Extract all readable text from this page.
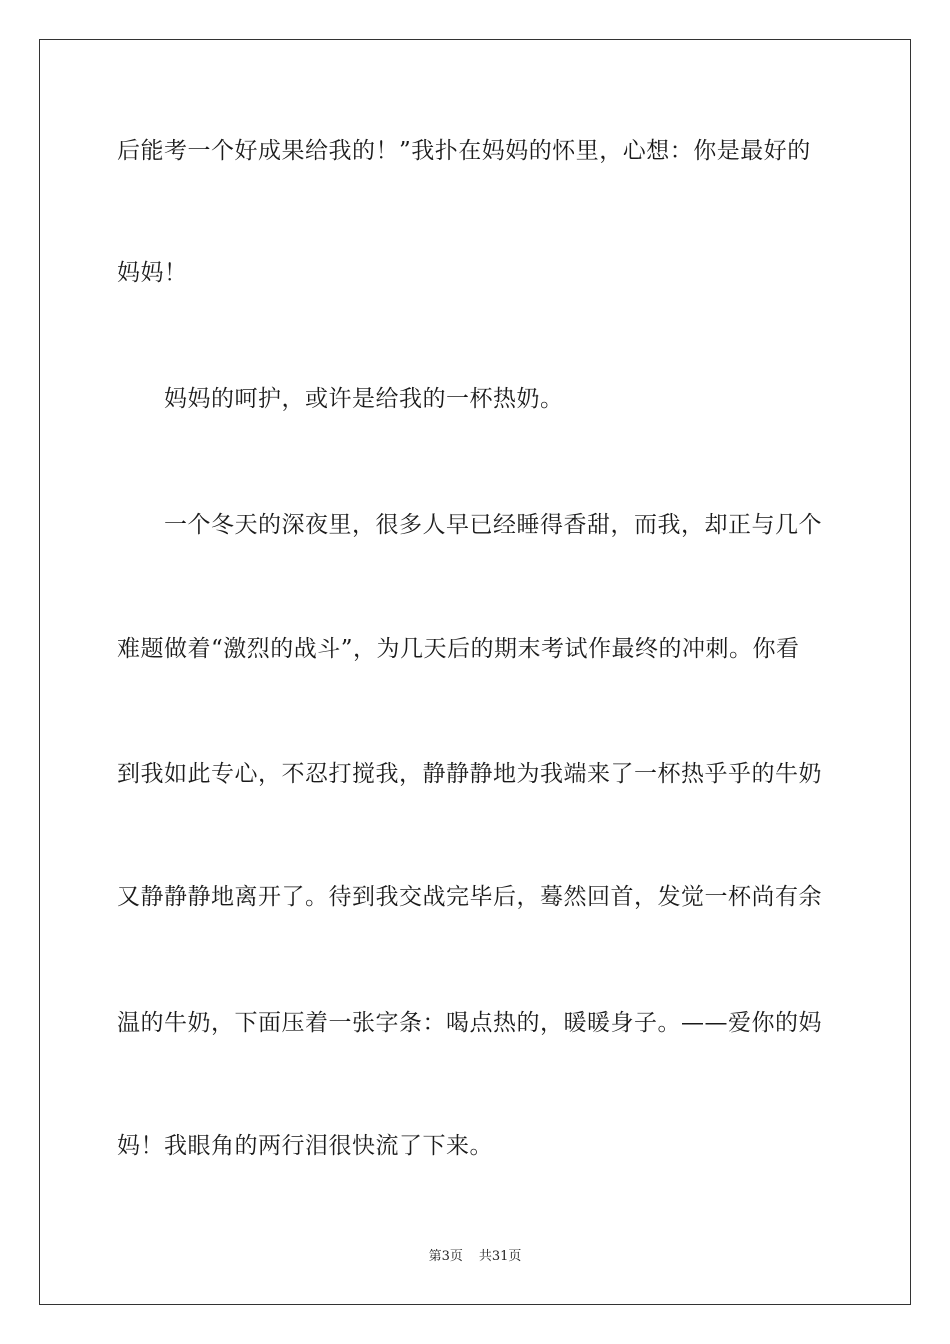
后能考一个好成果给我的！”我扑在妈妈的怀里，心想：你是最好的
妈妈！
妈妈的呵护，或许是给我的一杯热奶。
一个冬天的深夜里，很多人早已经睡得香甜，而我，却正与几个
难题做着“激烈的战斗”，为几天后的期末考试作最终的冲刺。你看
到我如此专心，不忍打搅我，静静静地为我端来了一杯热乎乎的牛奶
又静静静地离开了。待到我交战完毕后，蓦然回首，发觉一杯尚有余
温的牛奶，下面压着一张字条：喝点热的，暖暖身子。——爱你的妈
妈！我眼角的两行泪很快流了下来。
第3页 共31页
